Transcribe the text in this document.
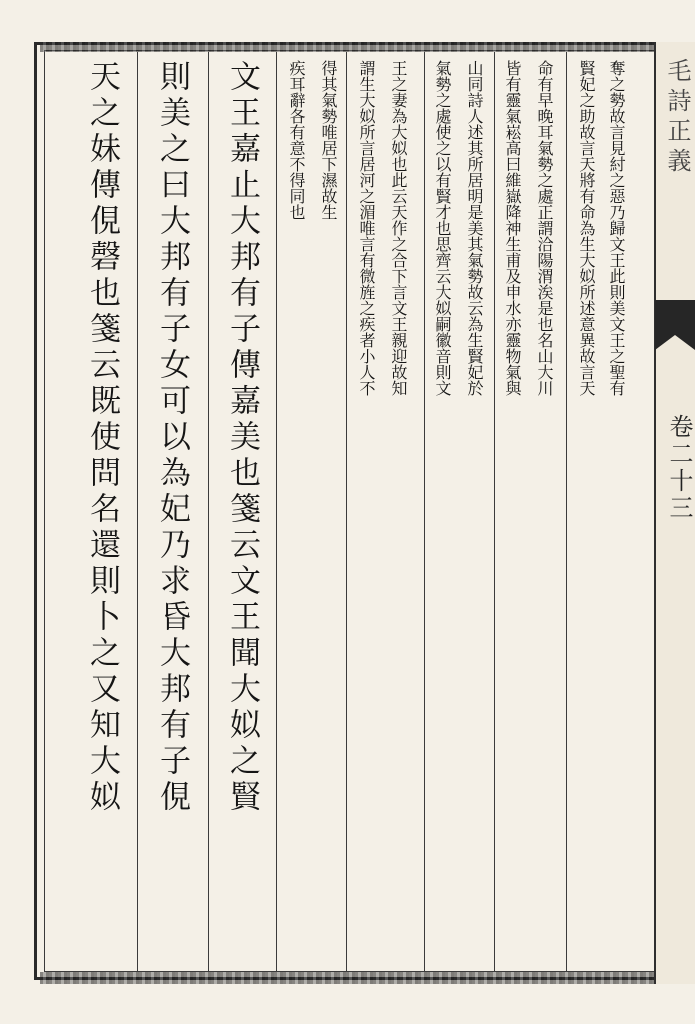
毛詩正義
卷二十三
奪之勢故言見紂之惡乃歸文王此則美文王之聖有
賢妃之助故言天將有命為生大姒所述意異故言天
命有早晚耳氣勢之處正謂洽陽渭涘是也名山大川
皆有靈氣崧高曰維嶽降神生甫及申水亦靈物氣與
山同詩人述其所居明是美其氣勢故云為生賢妃於
氣勢之處使之以有賢才也思齊云大姒嗣徽音則文
王之妻為大姒也此云天作之合下言文王親迎故知
謂生大姒所言居河之湄唯言有微旌之疾者小人不
得其氣勢唯居下濕故生
疾耳辭各有意不得同也
文王嘉止大邦有子傳嘉美也箋云文王聞大姒之賢
則美之曰大邦有子女可以為妃乃求昏大邦有子俔
天之妹傳俔磬也箋云既使問名還則卜之又知大姒
